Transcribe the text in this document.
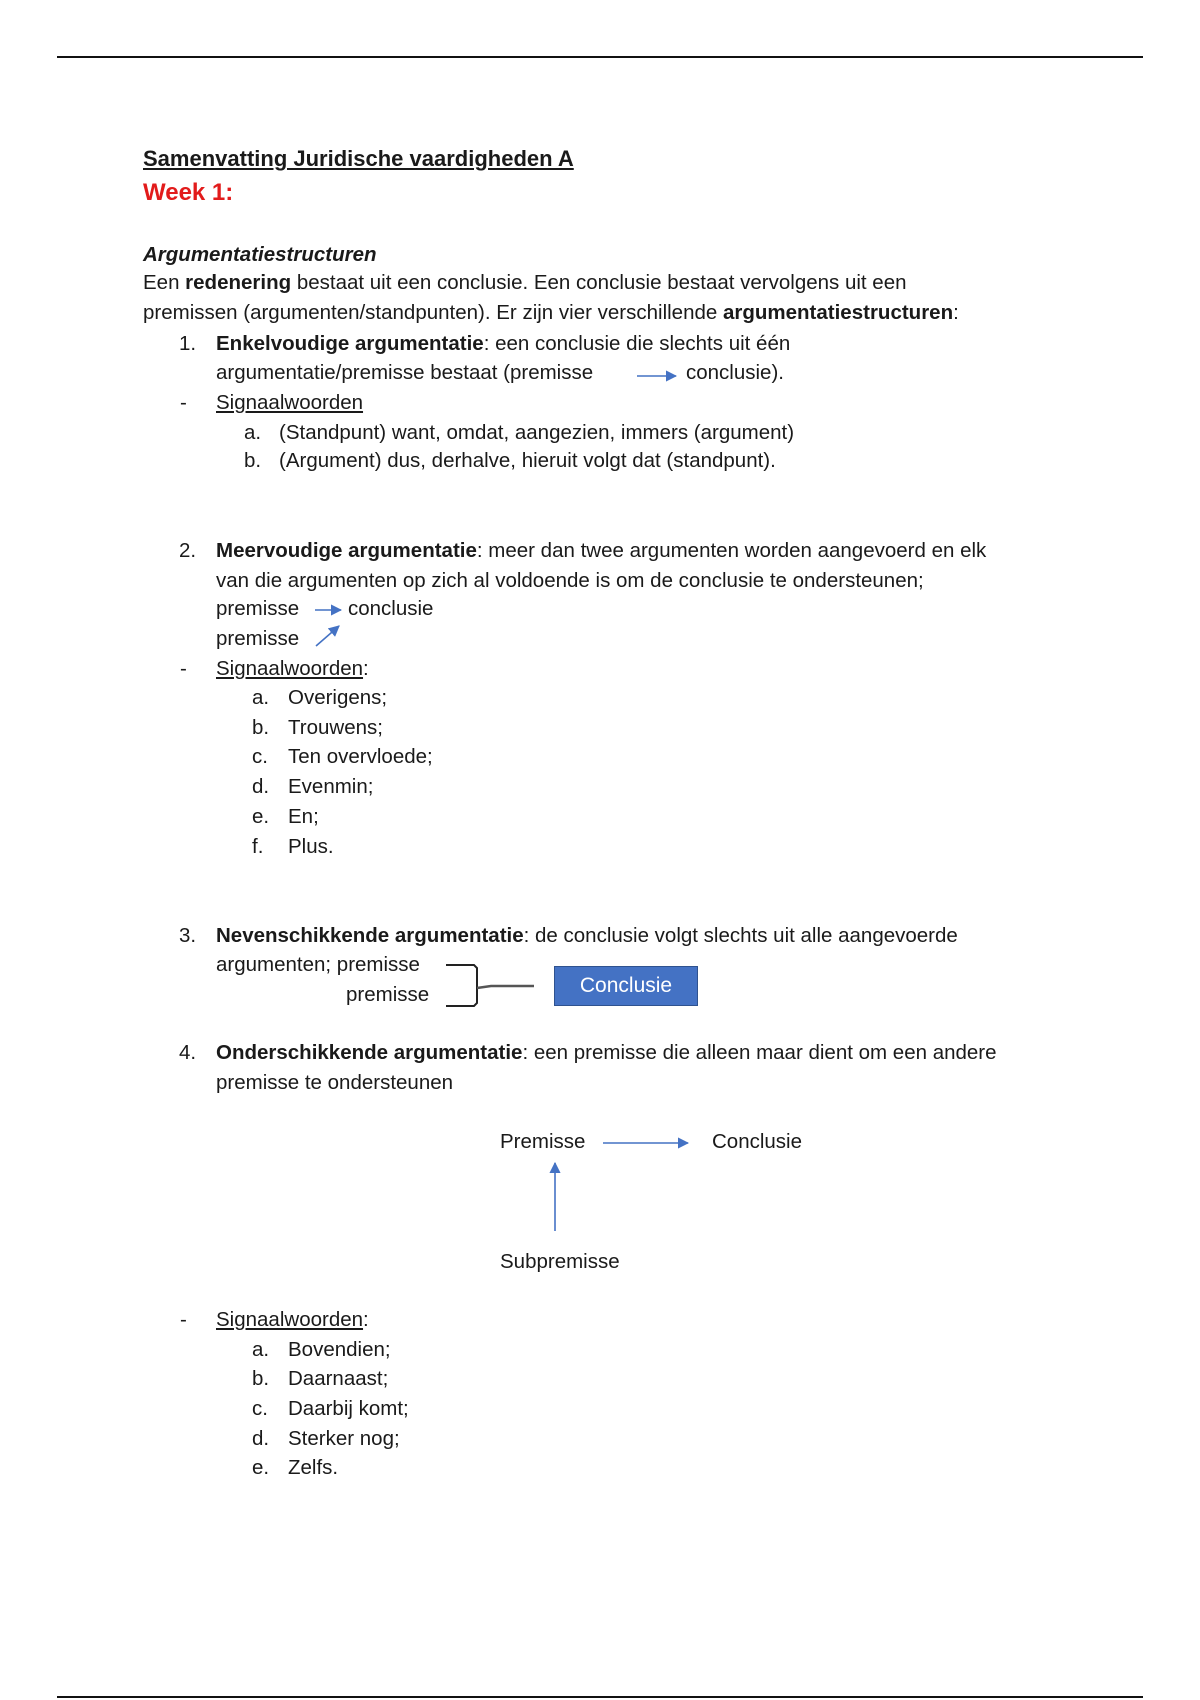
Samenvatting Juridische vaardigheden A
Week 1:
Argumentatiestructuren
Een redenering bestaat uit een conclusie. Een conclusie bestaat vervolgens uit een
premissen (argumenten/standpunten). Er zijn vier verschillende argumentatiestructuren:
1. Enkelvoudige argumentatie: een conclusie die slechts uit één
argumentatie/premisse bestaat (premisse	conclusie).
- Signaalwoorden
a. (Standpunt) want, omdat, aangezien, immers (argument)
b. (Argument) dus, derhalve, hieruit volgt dat (standpunt).
2. Meervoudige argumentatie: meer dan twee argumenten worden aangevoerd en elk
van die argumenten op zich al voldoende is om de conclusie te ondersteunen;
premisse conclusie
premisse
- Signaalwoorden:
a. Overigens;
b. Trouwens;
c. Ten overvloede;
d. Evenmin;
e. En;
f. Plus.
3. Nevenschikkende argumentatie: de conclusie volgt slechts uit alle aangevoerde
argumenten; premisse
premisse	Conclusie
4. Onderschikkende argumentatie: een premisse die alleen maar dient om een andere
premisse te ondersteunen
Premisse	Conclusie
Subpremisse
- Signaalwoorden:
a. Bovendien;
b. Daarnaast;
c. Daarbij komt;
d. Sterker nog;
e. Zelfs.
